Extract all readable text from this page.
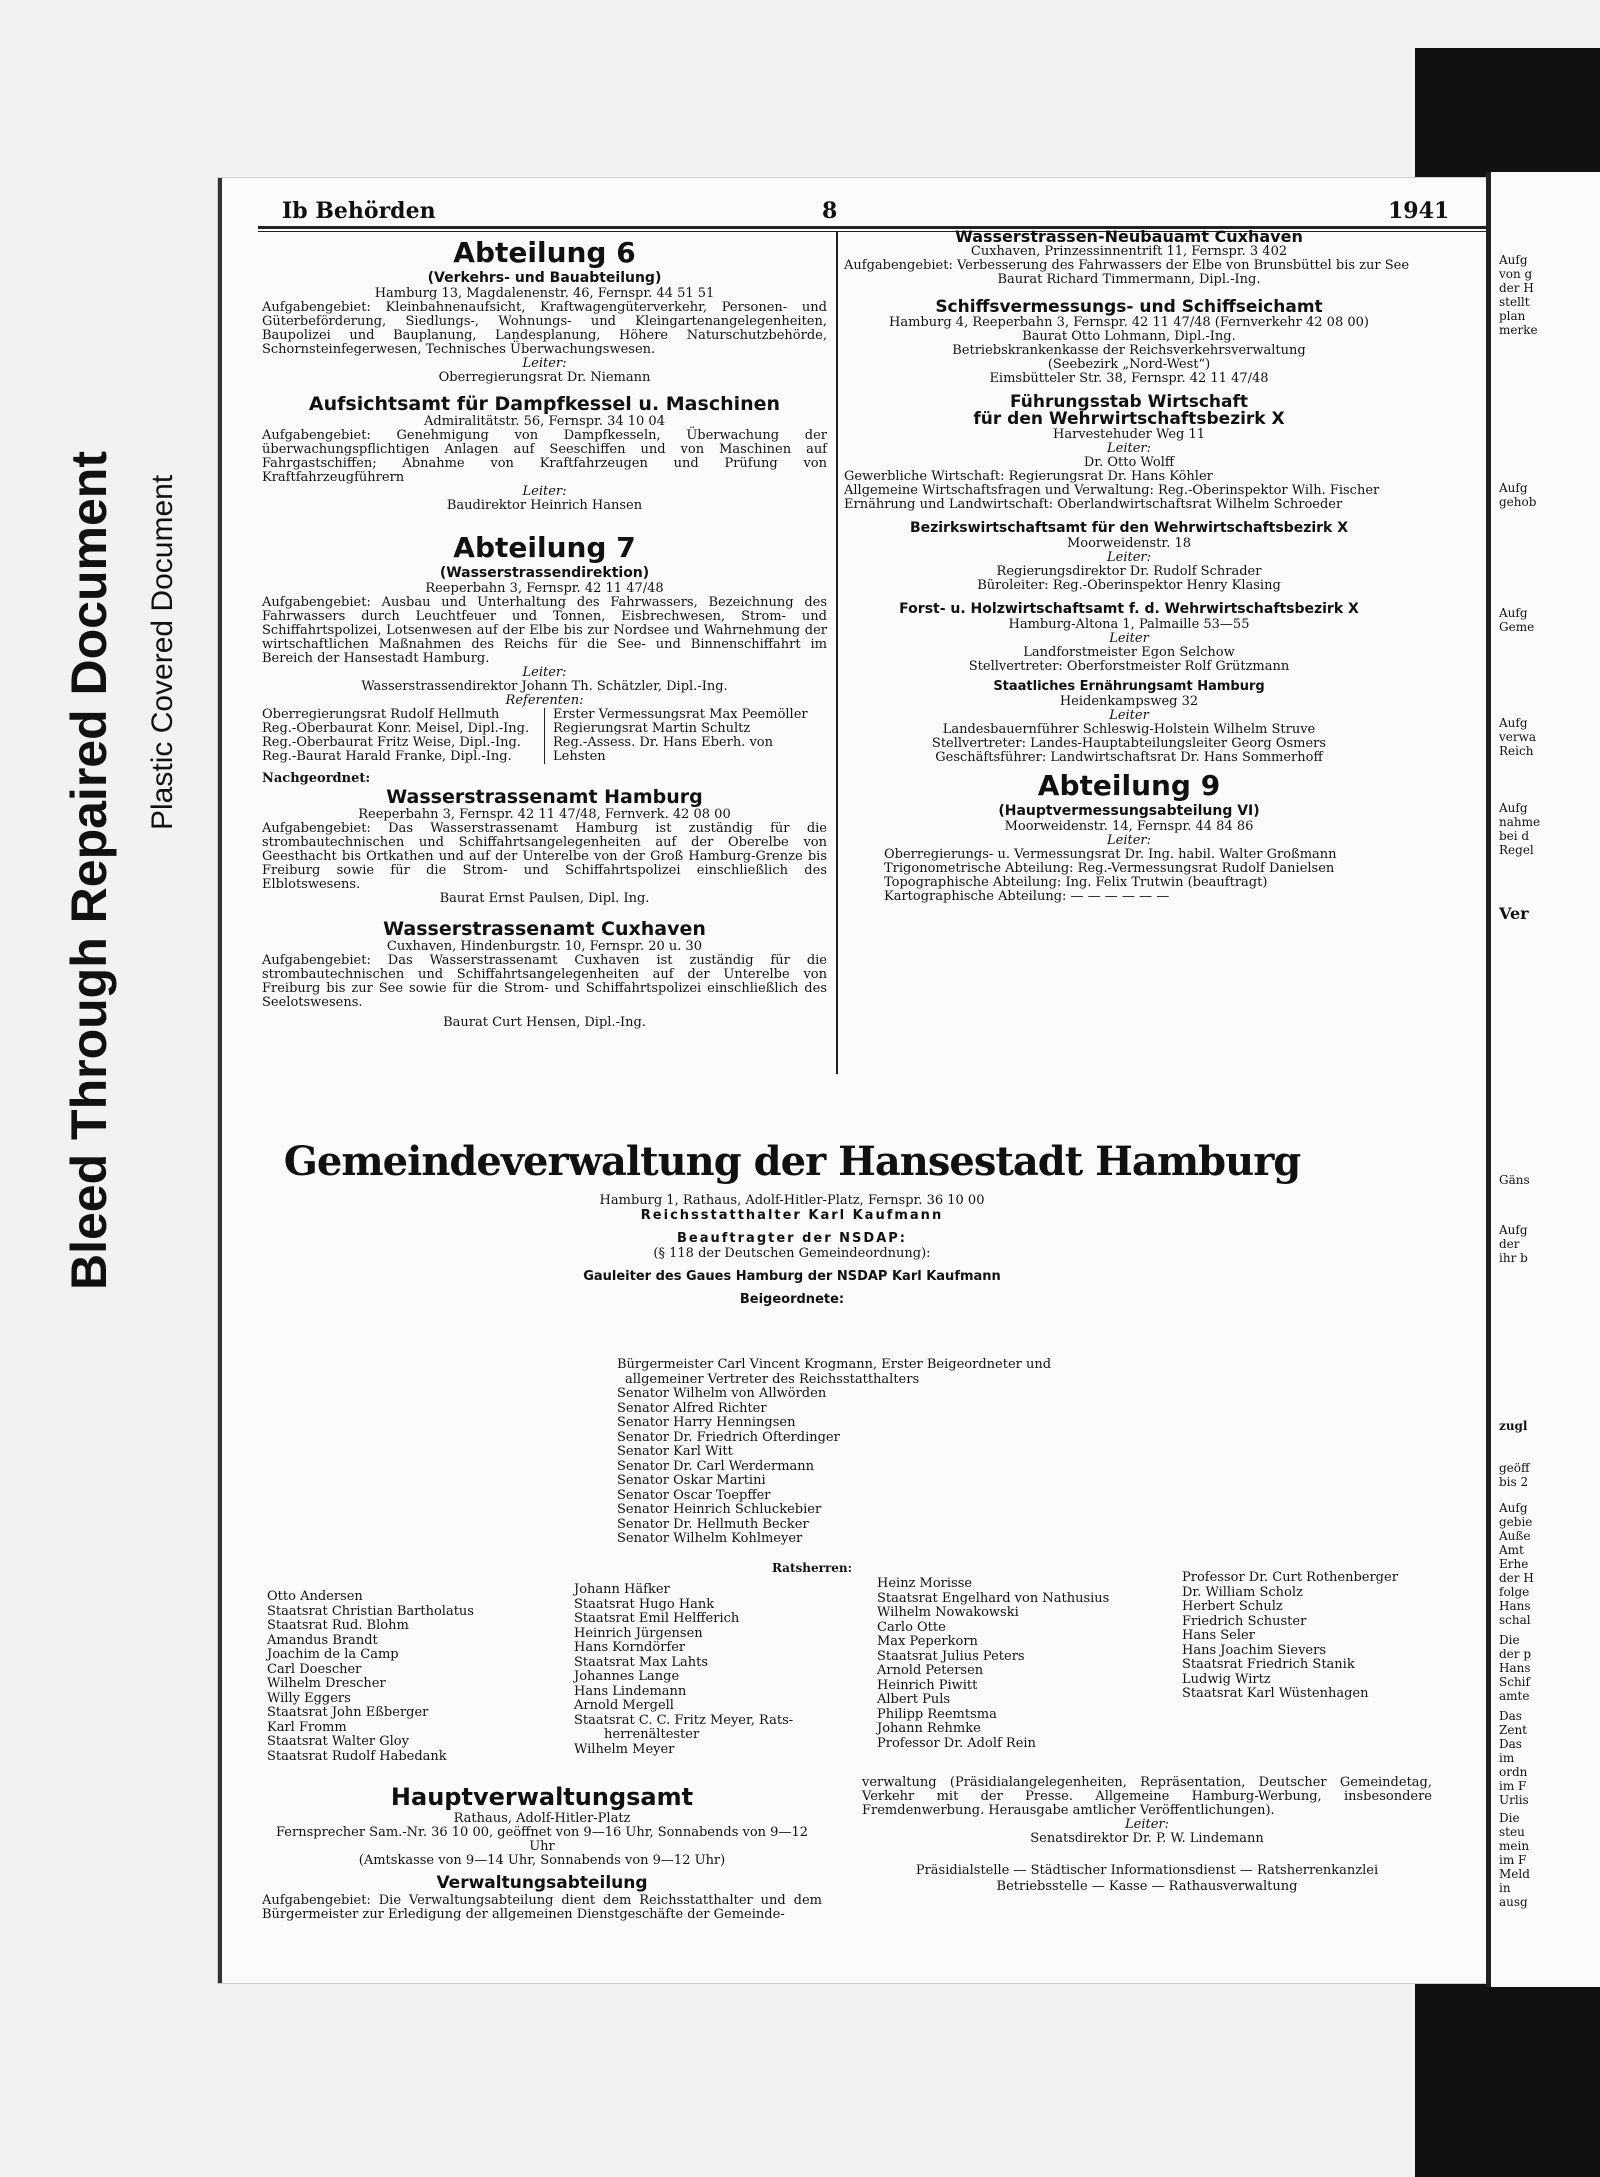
Bleed Through Repaired Document Plastic Covered Document
Ib Behörden	8	1941
Abteilung 6
(Verkehrs- und Bauabteilung)
Hamburg 13, Magdalenenstr. 46, Fernspr. 44 51 51
Aufgabengebiet: Kleinbahnenaufsicht, Kraftwagengüterverkehr, Personen- und Güterbeförderung, Siedlungs-, Wohnungs- und Kleingartenangelegenheiten, Baupolizei und Bauplanung, Landesplanung, Höhere Naturschutzbehörde, Schornsteinfegerwesen, Technisches Überwachungswesen.
Leiter:
Oberregierungsrat Dr. Niemann
Aufsichtsamt für Dampfkessel u. Maschinen
Admiralitätstr. 56, Fernspr. 34 10 04
Aufgabengebiet: Genehmigung von Dampfkesseln, Überwachung der überwachungspflichtigen Anlagen auf Seeschiffen und von Maschinen auf Fahrgastschiffen; Abnahme von Kraftfahrzeugen und Prüfung von Kraftfahrzeugführern
Leiter:
Baudirektor Heinrich Hansen
Abteilung 7
(Wasserstrassendirektion)
Reeperbahn 3, Fernspr. 42 11 47/48
Aufgabengebiet: Ausbau und Unterhaltung des Fahrwassers, Bezeichnung des Fahrwassers durch Leuchtfeuer und Tonnen, Eisbrechwesen, Strom- und Schiffahrtspolizei, Lotsenwesen auf der Elbe bis zur Nordsee und Wahrnehmung der wirtschaftlichen Maßnahmen des Reichs für die See- und Binnenschiffahrt im Bereich der Hansestadt Hamburg.
Leiter:
Wasserstrassendirektor Johann Th. Schätzler, Dipl.-Ing.
Referenten:
Oberregierungsrat Rudolf Hellmuth
Reg.-Oberbaurat Konr. Meisel, Dipl.-Ing.
Reg.-Oberbaurat Fritz Weise, Dipl.-Ing.
Reg.-Baurat Harald Franke, Dipl.-Ing.
Erster Vermessungsrat Max Peemöller
Regierungsrat Martin Schultz
Reg.-Assess. Dr. Hans Eberh. von Lehsten
Nachgeordnet:
Wasserstrassenamt Hamburg
Reeperbahn 3, Fernspr. 42 11 47/48, Fernverk. 42 08 00
Aufgabengebiet: Das Wasserstrassenamt Hamburg ist zuständig für die strombautechnischen und Schiffahrtsangelegenheiten auf der Oberelbe von Geesthacht bis Ortkathen und auf der Unterelbe von der Groß Hamburg-Grenze bis Freiburg sowie für die Strom- und Schiffahrtspolizei einschließlich des Elblotswesens.
Baurat Ernst Paulsen, Dipl. Ing.
Wasserstrassenamt Cuxhaven
Cuxhaven, Hindenburgstr. 10, Fernspr. 20 u. 30
Aufgabengebiet: Das Wasserstrassenamt Cuxhaven ist zuständig für die strombautechnischen und Schiffahrtsangelegenheiten auf der Unterelbe von Freiburg bis zur See sowie für die Strom- und Schiffahrtspolizei einschließlich des Seelotswesens.
Baurat Curt Hensen, Dipl.-Ing.
Wasserstrassen-Neubauamt Cuxhaven
Cuxhaven, Prinzessinnentrift 11, Fernspr. 3 402
Aufgabengebiet: Verbesserung des Fahrwassers der Elbe von Brunsbüttel bis zur See
Baurat Richard Timmermann, Dipl.-Ing.
Schiffsvermessungs- und Schiffseichamt
Hamburg 4, Reeperbahn 3, Fernspr. 42 11 47/48 (Fernverkehr 42 08 00)
Baurat Otto Lohmann, Dipl.-Ing.
Betriebskrankenkasse der Reichsverkehrsverwaltung
(Seebezirk „Nord-West“)
Eimsbütteler Str. 38, Fernspr. 42 11 47/48
Führungsstab Wirtschaft
für den Wehrwirtschaftsbezirk X
Harvestehuder Weg 11
Leiter:
Dr. Otto Wolff
Gewerbliche Wirtschaft: Regierungsrat Dr. Hans Köhler
Allgemeine Wirtschaftsfragen und Verwaltung: Reg.-Oberinspektor Wilh. Fischer
Ernährung und Landwirtschaft: Oberlandwirtschaftsrat Wilhelm Schroeder
Bezirkswirtschaftsamt für den Wehrwirtschaftsbezirk X
Moorweidenstr. 18
Leiter:
Regierungsdirektor Dr. Rudolf Schrader
Büroleiter: Reg.-Oberinspektor Henry Klasing
Forst- u. Holzwirtschaftsamt f. d. Wehrwirtschaftsbezirk X
Hamburg-Altona 1, Palmaille 53—55
Leiter
Landforstmeister Egon Selchow
Stellvertreter: Oberforstmeister Rolf Grützmann
Staatliches Ernährungsamt Hamburg
Heidenkampsweg 32
Leiter
Landesbauernführer Schleswig-Holstein Wilhelm Struve
Stellvertreter: Landes-Hauptabteilungsleiter Georg Osmers
Geschäftsführer: Landwirtschaftsrat Dr. Hans Sommerhoff
Abteilung 9
(Hauptvermessungsabteilung VI)
Moorweidenstr. 14, Fernspr. 44 84 86
Leiter:
Oberregierungs- u. Vermessungsrat Dr. Ing. habil. Walter Großmann
Trigonometrische Abteilung: Reg.-Vermessungsrat Rudolf Danielsen
Topographische Abteilung: Ing. Felix Trutwin (beauftragt)
Kartographische Abteilung: — — — — — —
Gemeindeverwaltung der Hansestadt Hamburg
Hamburg 1, Rathaus, Adolf-Hitler-Platz, Fernspr. 36 10 00
Reichsstatthalter Karl Kaufmann
Beauftragter der NSDAP:
(§ 118 der Deutschen Gemeindeordnung):
Gauleiter des Gaues Hamburg der NSDAP Karl Kaufmann
Beigeordnete:
Bürgermeister Carl Vincent Krogmann, Erster Beigeordneter und
allgemeiner Vertreter des Reichsstatthalters
Senator Wilhelm von Allwörden
Senator Alfred Richter
Senator Harry Henningsen
Senator Dr. Friedrich Ofterdinger
Senator Karl Witt
Senator Dr. Carl Werdermann
Senator Oskar Martini
Senator Oscar Toepffer
Senator Heinrich Schluckebier
Senator Dr. Hellmuth Becker
Senator Wilhelm Kohlmeyer
Ratsherren:
Otto Andersen
Staatsrat Christian Bartholatus
Staatsrat Rud. Blohm
Amandus Brandt
Joachim de la Camp
Carl Doescher
Wilhelm Drescher
Willy Eggers
Staatsrat John Eßberger
Karl Fromm
Staatsrat Walter Gloy
Staatsrat Rudolf Habedank
Johann Häfker
Staatsrat Hugo Hank
Staatsrat Emil Helfferich
Heinrich Jürgensen
Hans Korndörfer
Staatsrat Max Lahts
Johannes Lange
Hans Lindemann
Arnold Mergell
Staatsrat C. C. Fritz Meyer, Rats-
herrenältester
Wilhelm Meyer
Heinz Morisse
Staatsrat Engelhard von Nathusius
Wilhelm Nowakowski
Carlo Otte
Max Peperkorn
Staatsrat Julius Peters
Arnold Petersen
Heinrich Piwitt
Albert Puls
Philipp Reemtsma
Johann Rehmke
Professor Dr. Adolf Rein
Professor Dr. Curt Rothenberger
Dr. William Scholz
Herbert Schulz
Friedrich Schuster
Hans Seler
Hans Joachim Sievers
Staatsrat Friedrich Stanik
Ludwig Wirtz
Staatsrat Karl Wüstenhagen
Hauptverwaltungsamt
Rathaus, Adolf-Hitler-Platz
Fernsprecher Sam.-Nr. 36 10 00, geöffnet von 9—16 Uhr, Sonnabends von 9—12 Uhr
(Amtskasse von 9—14 Uhr, Sonnabends von 9—12 Uhr)
Verwaltungsabteilung
Aufgabengebiet: Die Verwaltungsabteilung dient dem Reichsstatthalter und dem Bürgermeister zur Erledigung der allgemeinen Dienstgeschäfte der Gemeinde-
verwaltung (Präsidialangelegenheiten, Repräsentation, Deutscher Gemeindetag, Verkehr mit der Presse. Allgemeine Hamburg-Werbung, insbesondere Fremdenwerbung. Herausgabe amtlicher Veröffentlichungen).
Leiter:
Senatsdirektor Dr. P. W. Lindemann
Präsidialstelle — Städtischer Informationsdienst — Ratsherrenkanzlei
Betriebsstelle — Kasse — Rathausverwaltung
Aufg
von g
der H
stellt
plan
merke
Aufg
gehob
Aufg
Geme
Aufg
verwa
Reich
Aufg
nahme
bei d
Regel
Ver
Gäns
Aufg
der
ihr b
zugl
geöff
bis 2
Aufg
gebie
Auße
Amt
Erhe
der H
folge
Hans
schal
Die
der p
Hans
Schif
amte
Das
Zent
Das
im
ordn
im F
Urlis
Die
steu
mein
im F
Meld
in
ausg
